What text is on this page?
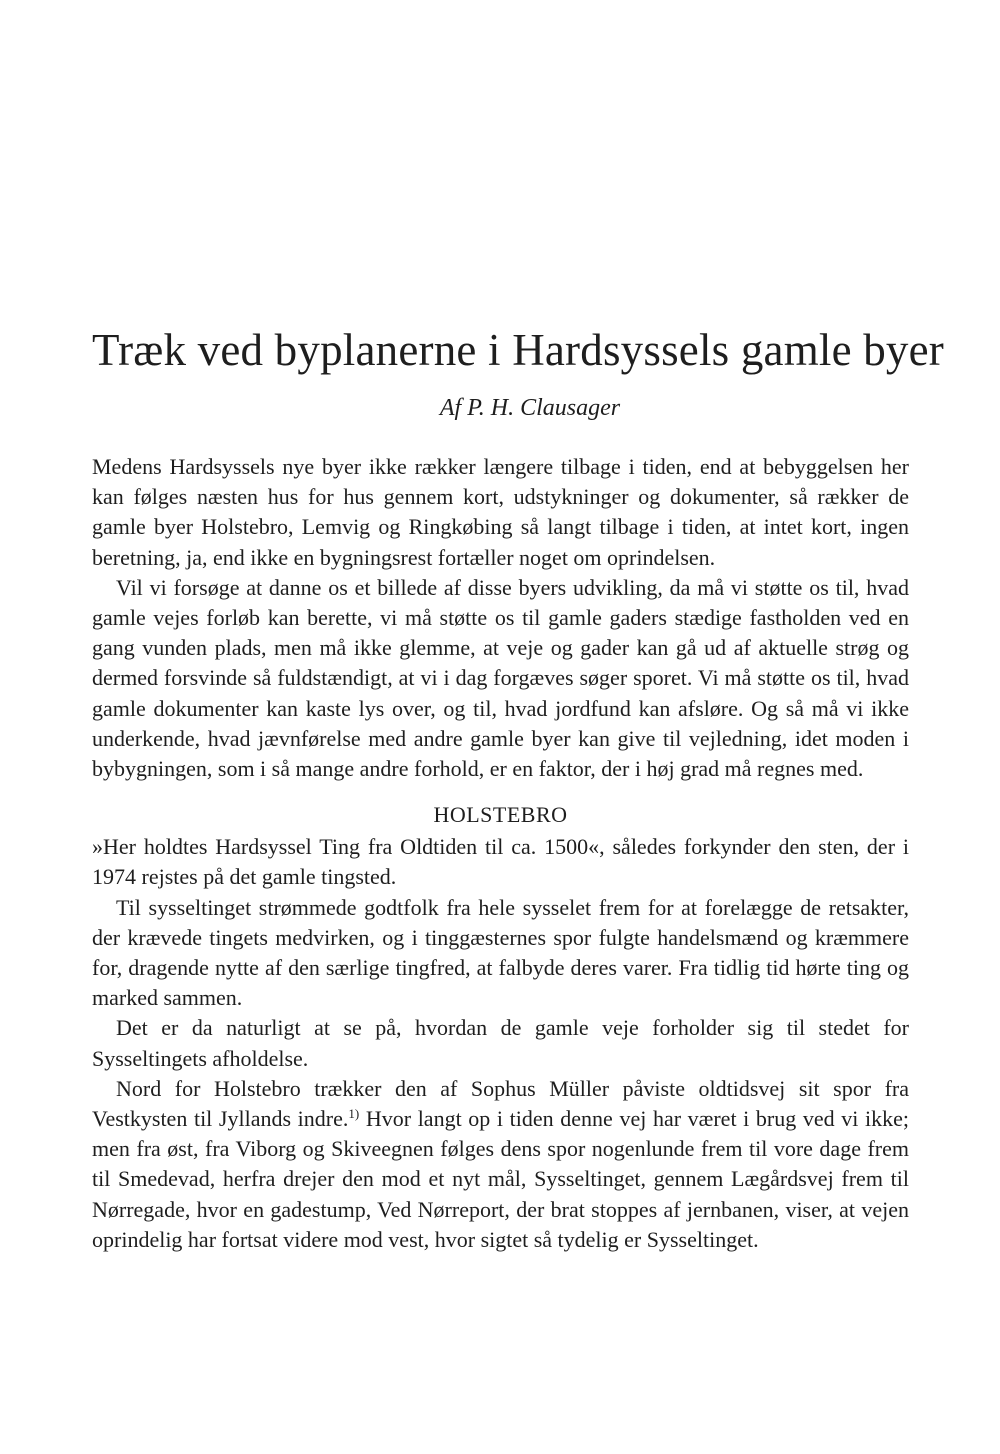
Træk ved byplanerne i Hardsyssels gamle byer
Af P. H. Clausager

Medens Hardsyssels nye byer ikke rækker længere tilbage i tiden, end at bebyggelsen her kan følges næsten hus for hus gennem kort, udstykninger og dokumenter, så rækker de gamle byer Holstebro, Lemvig og Ringkøbing så langt tilbage i tiden, at intet kort, ingen beretning, ja, end ikke en bygningsrest fortæller noget om oprindelsen.

Vil vi forsøge at danne os et billede af disse byers udvikling, da må vi støtte os til, hvad gamle vejes forløb kan berette, vi må støtte os til gamle gaders stædige fastholden ved en gang vunden plads, men må ikke glemme, at veje og gader kan gå ud af aktuelle strøg og dermed forsvinde så fuldstændigt, at vi i dag forgæves søger sporet. Vi må støtte os til, hvad gamle dokumenter kan kaste lys over, og til, hvad jordfund kan afsløre. Og så må vi ikke underkende, hvad jævnførelse med andre gamle byer kan give til vejledning, idet moden i bybygningen, som i så mange andre forhold, er en faktor, der i høj grad må regnes med.

HOLSTEBRO

»Her holdtes Hardsyssel Ting fra Oldtiden til ca. 1500«, således forkynder den sten, der i 1974 rejstes på det gamle tingsted.

Til sysseltinget strømmede godtfolk fra hele sysselet frem for at forelægge de retsakter, der krævede tingets medvirken, og i tinggæsternes spor fulgte handelsmænd og kræmmere for, dragende nytte af den særlige tingfred, at falbyde deres varer. Fra tidlig tid hørte ting og marked sammen.

Det er da naturligt at se på, hvordan de gamle veje forholder sig til stedet for Sysseltingets afholdelse.

Nord for Holstebro trækker den af Sophus Müller påviste oldtidsvej sit spor fra Vestkysten til Jyllands indre.$^{1)}$ Hvor langt op i tiden denne vej har været i brug ved vi ikke; men fra øst, fra Viborg og Skiveegnen følges dens spor nogenlunde frem til vore dage frem til Smedevad, herfra drejer den mod et nyt mål, Sysseltinget, gennem Lægårdsvej frem til Nørregade, hvor en gadestump, Ved Nørreport, der brat stoppes af jernbanen, viser, at vejen oprindelig har fortsat videre mod vest, hvor sigtet så tydelig er Sysseltinget.
